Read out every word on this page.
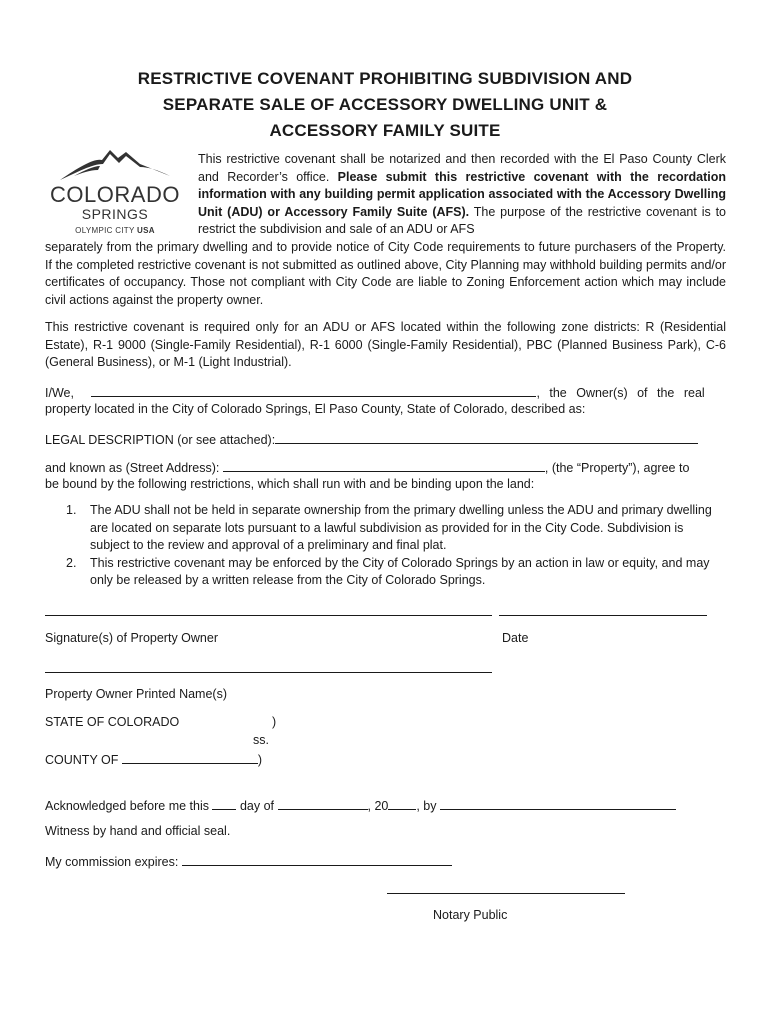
RESTRICTIVE COVENANT PROHIBITING SUBDIVISION AND
SEPARATE SALE OF ACCESSORY DWELLING UNIT &
ACCESSORY FAMILY SUITE
COLORADO
SPRINGS
OLYMPIC CITY USA
This restrictive covenant shall be notarized and then recorded with the El Paso County Clerk and Recorder’s office. Please submit this restrictive covenant with the recordation information with any building permit application associated with the Accessory Dwelling Unit (ADU) or Accessory Family Suite (AFS). The purpose of the restrictive covenant is to restrict the subdivision and sale of an ADU or AFS
separately from the primary dwelling and to provide notice of City Code requirements to future purchasers of the Property. If the completed restrictive covenant is not submitted as outlined above, City Planning may withhold building permits and/or certificates of occupancy. Those not compliant with City Code are liable to Zoning Enforcement action which may include civil actions against the property owner.
This restrictive covenant is required only for an ADU or AFS located within the following zone districts: R (Residential Estate), R-1 9000 (Single-Family Residential), R-1 6000 (Single-Family Residential), PBC (Planned Business Park), C-6 (General Business), or M-1 (Light Industrial).
I/We,	, the Owner(s) of the real
property located in the City of Colorado Springs, El Paso County, State of Colorado, described as:
LEGAL DESCRIPTION (or see attached):
and known as (Street Address):	, (the “Property”), agree to
be bound by the following restrictions, which shall run with and be binding upon the land:
1. The ADU shall not be held in separate ownership from the primary dwelling unless the ADU and primary dwelling are located on separate lots pursuant to a lawful subdivision as provided for in the City Code. Subdivision is subject to the review and approval of a preliminary and final plat.
2. This restrictive covenant may be enforced by the City of Colorado Springs by an action in law or equity, and may only be released by a written release from the City of Colorado Springs.
Signature(s) of Property Owner	Date
Property Owner Printed Name(s)
STATE OF COLORADO	)
ss.
COUNTY OF	)
Acknowledged before me this day of	, 20 , by
Witness by hand and official seal.
My commission expires:
Notary Public
